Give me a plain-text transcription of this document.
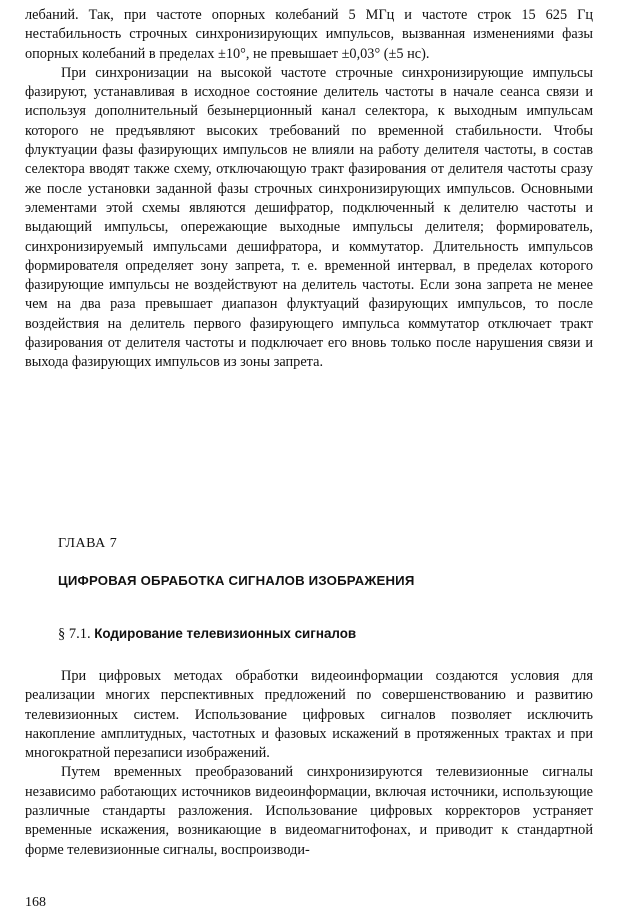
лебаний. Так, при частоте опорных колебаний 5 МГц и частоте строк 15 625 Гц нестабильность строчных синхронизирующих импульсов, вызванная изменениями фазы опорных колебаний в пределах ±10°, не превышает ±0,03° (±5 нс).

При синхронизации на высокой частоте строчные синхронизирующие импульсы фазируют, устанавливая в исходное состояние делитель частоты в начале сеанса связи и используя дополнительный безынерционный канал селектора, к выходным импульсам которого не предъявляют высоких требований по временной стабильности. Чтобы флуктуации фазы фазирующих импульсов не влияли на работу делителя частоты, в состав селектора вводят также схему, отключающую тракт фазирования от делителя частоты сразу же после установки заданной фазы строчных синхронизирующих импульсов. Основными элементами этой схемы являются дешифратор, подключенный к делителю частоты и выдающий импульсы, опережающие выходные импульсы делителя; формирователь, синхронизируемый импульсами дешифратора, и коммутатор. Длительность импульсов формирователя определяет зону запрета, т. е. временной интервал, в пределах которого фазирующие импульсы не воздействуют на делитель частоты. Если зона запрета не менее чем на два раза превышает диапазон флуктуаций фазирующих импульсов, то после воздействия на делитель первого фазирующего импульса коммутатор отключает тракт фазирования от делителя частоты и подключает его вновь только после нарушения связи и выхода фазирующих импульсов из зоны запрета.

ГЛАВА 7

ЦИФРОВАЯ ОБРАБОТКА СИГНАЛОВ ИЗОБРАЖЕНИЯ

§ 7.1. Кодирование телевизионных сигналов

При цифровых методах обработки видеоинформации создаются условия для реализации многих перспективных предложений по совершенствованию и развитию телевизионных систем. Использование цифровых сигналов позволяет исключить накопление амплитудных, частотных и фазовых искажений в протяженных трактах и при многократной перезаписи изображений.

Путем временных преобразований синхронизируются телевизионные сигналы независимо работающих источников видеоинформации, включая источники, использующие различные стандарты разложения. Использование цифровых корректоров устраняет временные искажения, возникающие в видеомагнитофонах, и приводит к стандартной форме телевизионные сигналы, воспроизводи-

168
